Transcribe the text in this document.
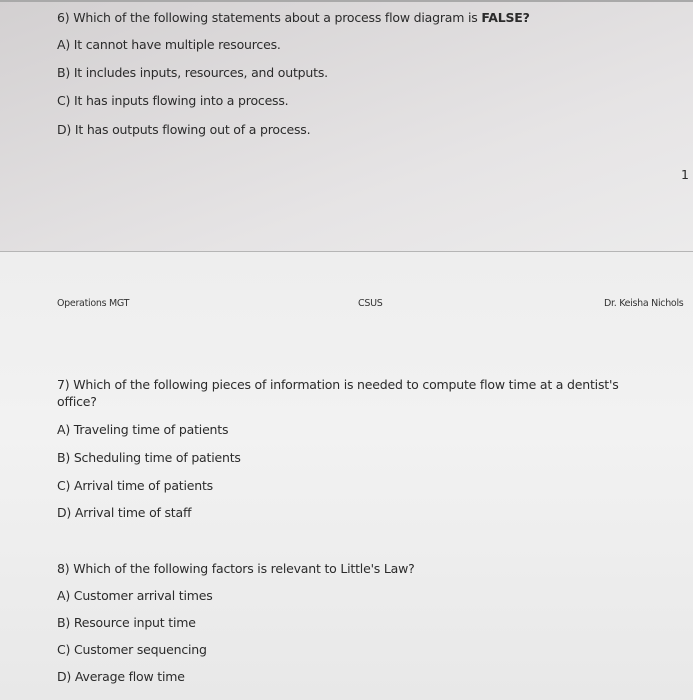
6) Which of the following statements about a process flow diagram is FALSE?
A) It cannot have multiple resources.
B) It includes inputs, resources, and outputs.
C) It has inputs flowing into a process.
D) It has outputs flowing out of a process.
1
Operations MGT	CSUS	Dr. Keisha Nichols
7) Which of the following pieces of information is needed to compute flow time at a dentist's
office?
A) Traveling time of patients
B) Scheduling time of patients
C) Arrival time of patients
D) Arrival time of staff
8) Which of the following factors is relevant to Little's Law?
A) Customer arrival times
B) Resource input time
C) Customer sequencing
D) Average flow time
